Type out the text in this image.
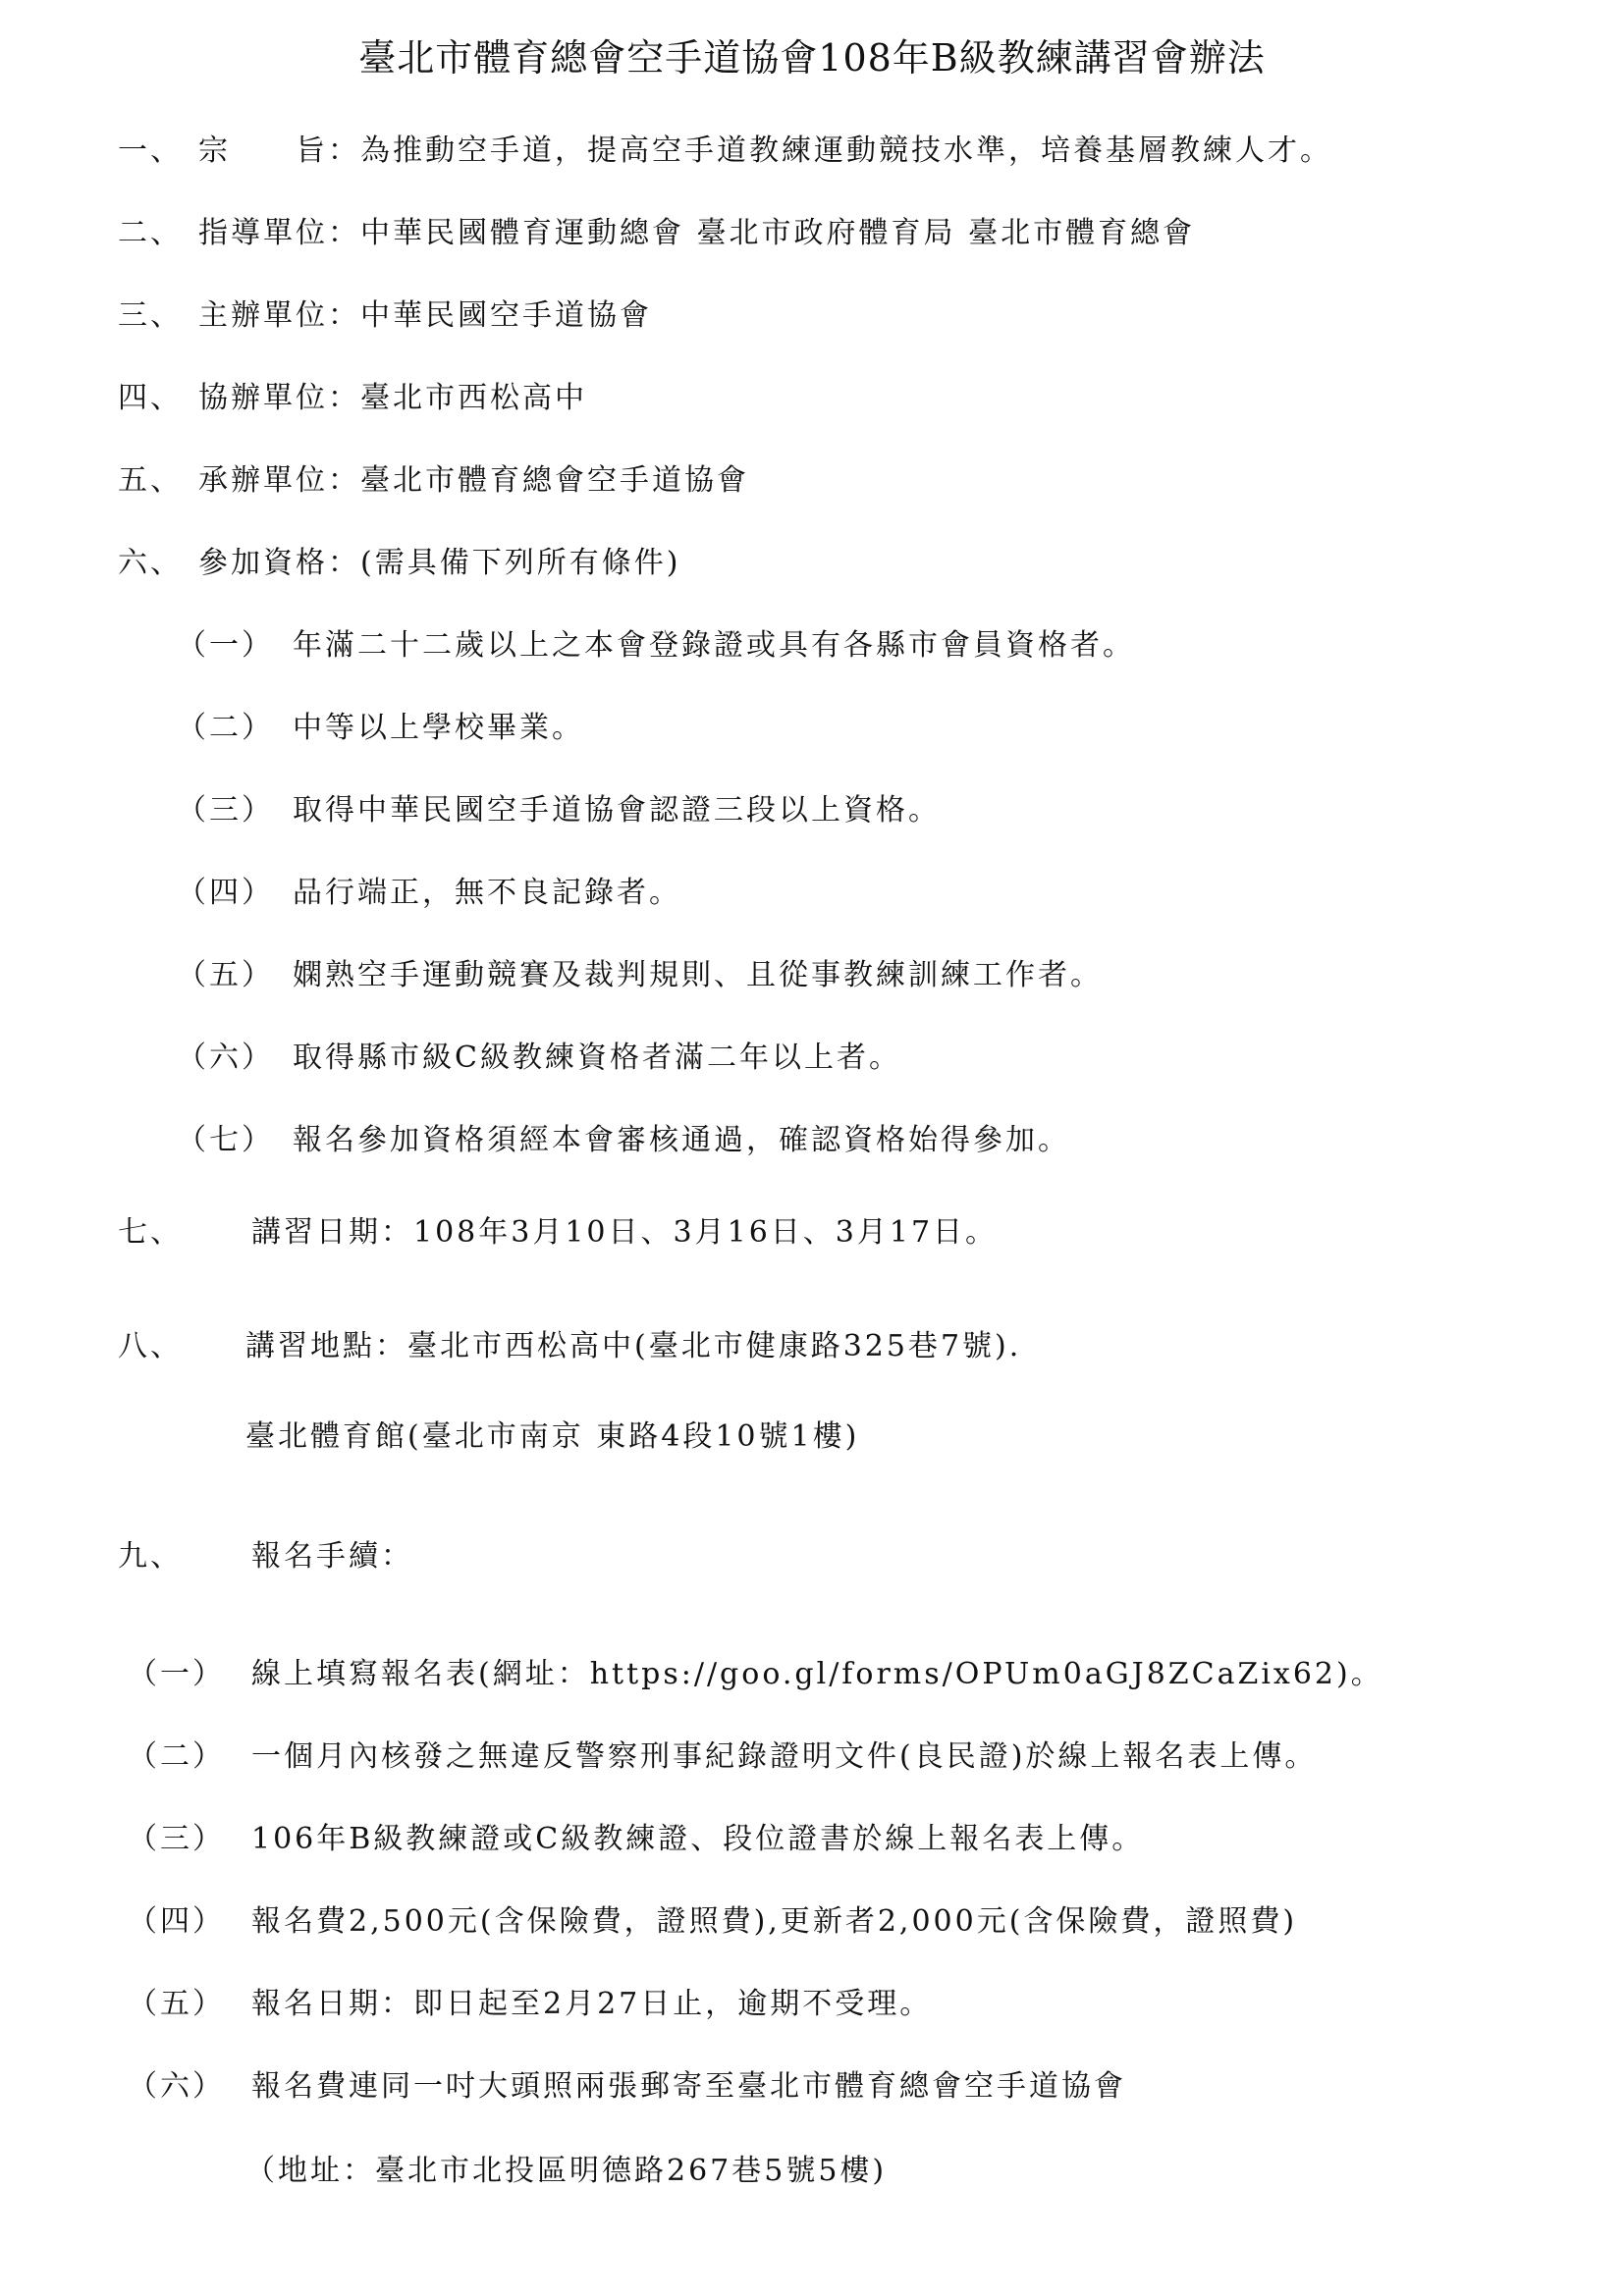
臺北市體育總會空手道協會108年B級教練講習會辦法
一、 宗　　旨：為推動空手道，提高空手道教練運動競技水準，培養基層教練人才。
二、 指導單位：中華民國體育運動總會 臺北市政府體育局 臺北市體育總會
三、 主辦單位：中華民國空手道協會
四、 協辦單位：臺北市西松高中
五、 承辦單位：臺北市體育總會空手道協會
六、 參加資格：(需具備下列所有條件)
（一） 年滿二十二歲以上之本會登錄證或具有各縣市會員資格者。
（二） 中等以上學校畢業。
（三） 取得中華民國空手道協會認證三段以上資格。
（四） 品行端正，無不良記錄者。
（五） 嫻熟空手運動競賽及裁判規則、且從事教練訓練工作者。
（六） 取得縣市級C級教練資格者滿二年以上者。
（七） 報名參加資格須經本會審核通過，確認資格始得參加。
七、 講習日期：108年3月10日、3月16日、3月17日。
八、 講習地點：臺北市西松高中(臺北市健康路325巷7號).
臺北體育館(臺北市南京 東路4段10號1樓)
九、 報名手續：
（一） 線上填寫報名表(網址：https://goo.gl/forms/OPUm0aGJ8ZCaZix62)。
（二） 一個月內核發之無違反警察刑事紀錄證明文件(良民證)於線上報名表上傳。
（三） 106年B級教練證或C級教練證、段位證書於線上報名表上傳。
（四） 報名費2,500元(含保險費，證照費),更新者2,000元(含保險費，證照費)
（五） 報名日期：即日起至2月27日止，逾期不受理。
（六） 報名費連同一吋大頭照兩張郵寄至臺北市體育總會空手道協會
（地址：臺北市北投區明德路267巷5號5樓)
